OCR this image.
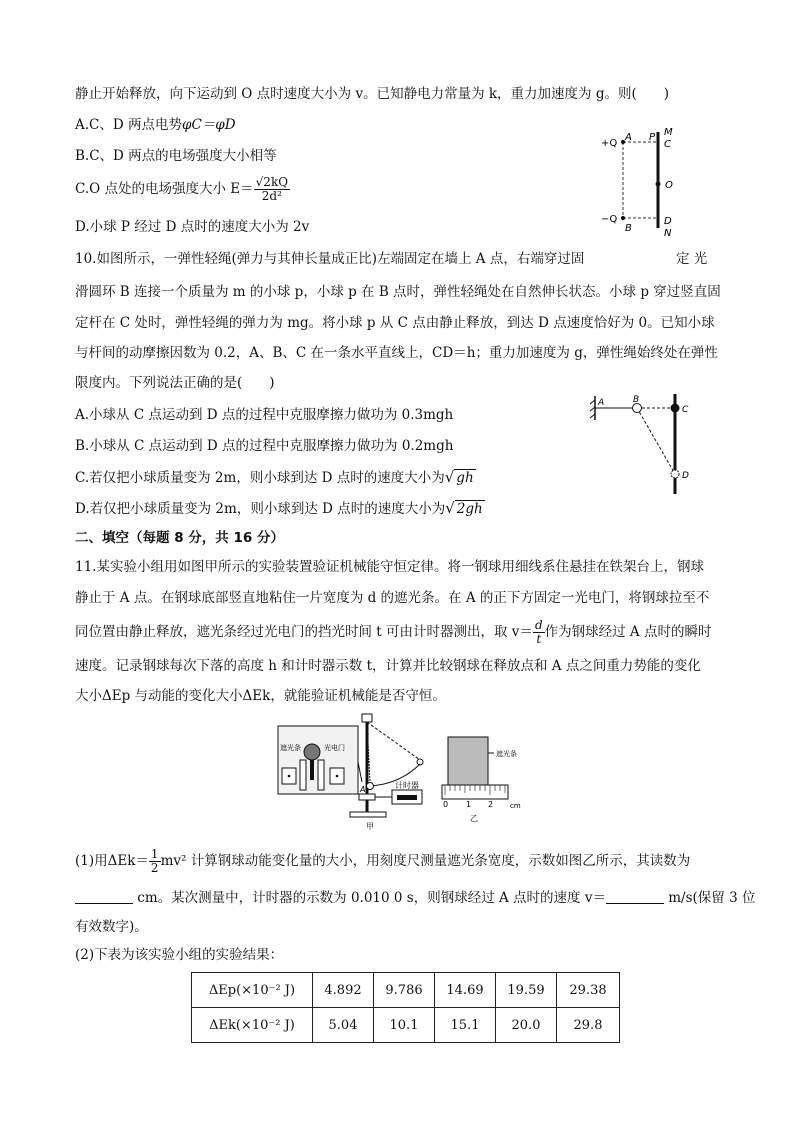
静止开始释放，向下运动到 O 点时速度大小为 v。已知静电力常量为 k，重力加速度为 g。则(　　)
A.C、D 两点电势φC＝φD
B.C、D 两点的电场强度大小相等
C.O 点处的电场强度大小 $E= \frac{√2kQ}{\text{2d²}}$
D.小球 P 经过 D 点时的速度大小为 2v
+Q
−Q
A
B
P M
C
O
D
N
10.如图所示，一弹性轻绳(弹力与其伸长量成正比)左端固定在墙上 A 点，右端穿过固	定 光
滑圆环 B 连接一个质量为 m 的小球 p，小球 p 在 B 点时，弹性轻绳处在自然伸长状态。小球 p 穿过竖直固
定杆在 C 处时，弹性轻绳的弹力为 mg。将小球 p 从 C 点由静止释放，到达 D 点速度恰好为 0。已知小球
与杆间的动摩擦因数为 0.2，A、B、C 在一条水平直线上，CD＝h；重力加速度为 g，弹性绳始终处在弹性
限度内。下列说法正确的是(　　)
A.小球从 C 点运动到 D 点的过程中克服摩擦力做功为 0.3mgh
B.小球从 C 点运动到 D 点的过程中克服摩擦力做功为 0.2mgh
C.若仅把小球质量变为 2m，则小球到达 D 点时的速度大小为√ gh
D.若仅把小球质量变为 2m，则小球到达 D 点时的速度大小为√ 2gh
A	B
C
D
二、填空（每题 8 分，共 16 分）
11.某实验小组用如图甲所示的实验装置验证机械能守恒定律。将一钢球用细线系住悬挂在铁架台上，钢球
静止于 A 点。在钢球底部竖直地粘住一片宽度为 d 的遮光条。在 A 的正下方固定一光电门，将钢球拉至不
同位置由静止释放，遮光条经过光电门的挡光时间 t 可由计时器测出，取 $v= \frac{d}{t}$ 作为钢球经过 A 点时的瞬时
速度。记录钢球每次下落的高度 h 和计时器示数 t，计算并比较钢球在释放点和 A 点之间重力势能的变化
大小ΔEp 与动能的变化大小ΔEk，就能验证机械能是否守恒。
遮光条	光电门
A	计时器
甲
遮光条
0 1 2 cm
乙
(1)用$\Delta Ek= \frac{1}{2} mv^2$ 计算钢球动能变化量的大小，用刻度尺测量遮光条宽度，示数如图乙所示，其读数为
cm。某次测量中，计时器的示数为 0.010 0 s，则钢球经过 A 点时的速度 v＝	m/s(保留 3 位
有效数字)。
(2)下表为该实验小组的实验结果：
ΔEp(×10⁻² J)	4.892	9.786	14.69	19.59	29.38
ΔEk(×10⁻² J)	5.04	10.1	15.1	20.0	29.8
